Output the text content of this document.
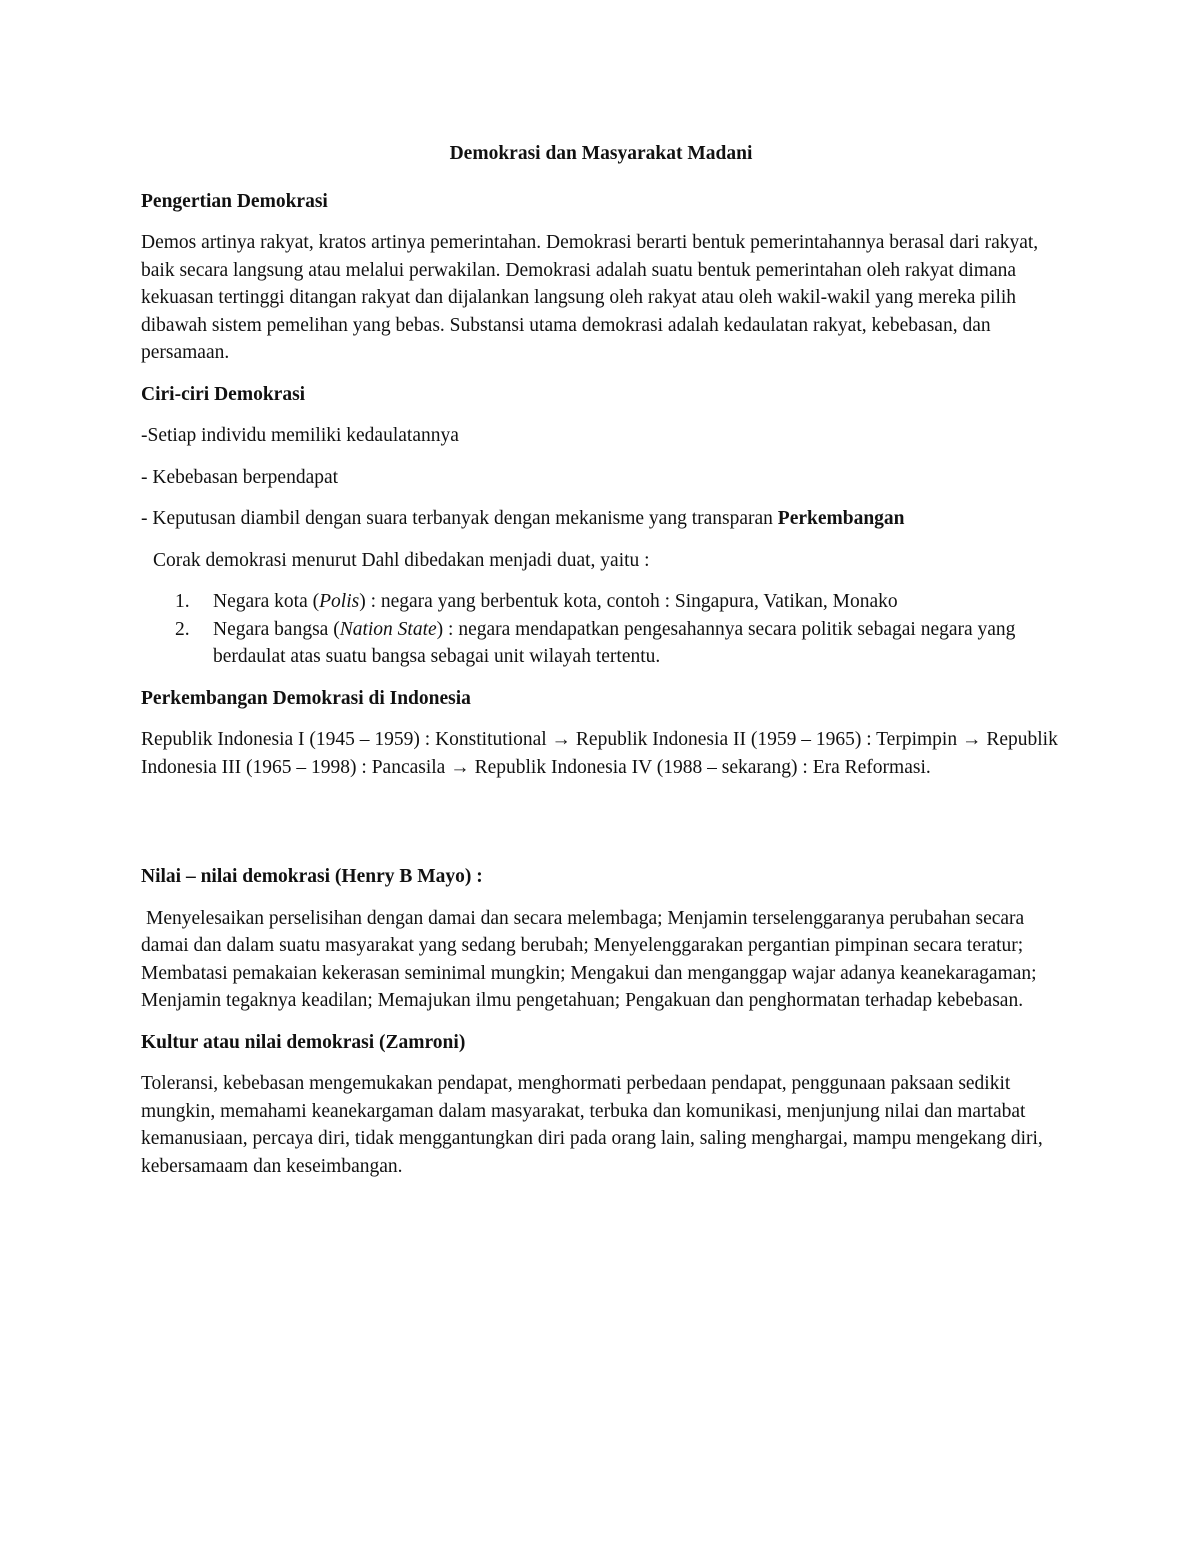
Demokrasi dan Masyarakat Madani

Pengertian Demokrasi

Demos artinya rakyat, kratos artinya pemerintahan. Demokrasi berarti bentuk pemerintahannya berasal dari rakyat, baik secara langsung atau melalui perwakilan. Demokrasi adalah suatu bentuk pemerintahan oleh rakyat dimana kekuasan tertinggi ditangan rakyat dan dijalankan langsung oleh rakyat atau oleh wakil-wakil yang mereka pilih dibawah sistem pemelihan yang bebas. Substansi utama demokrasi adalah kedaulatan rakyat, kebebasan, dan persamaan.

Ciri-ciri Demokrasi

-Setiap individu memiliki kedaulatannya

- Kebebasan berpendapat

- Keputusan diambil dengan suara terbanyak dengan mekanisme yang transparan Perkembangan

Corak demokrasi menurut Dahl dibedakan menjadi duat, yaitu :

1. Negara kota (Polis) : negara yang berbentuk kota, contoh : Singapura, Vatikan, Monako
2. Negara bangsa (Nation State) : negara mendapatkan pengesahannya secara politik sebagai negara yang berdaulat atas suatu bangsa sebagai unit wilayah tertentu.

Perkembangan Demokrasi di Indonesia

Republik Indonesia I (1945 – 1959) : Konstitutional → Republik Indonesia II (1959 – 1965) : Terpimpin → Republik Indonesia III (1965 – 1998) : Pancasila → Republik Indonesia IV (1988 – sekarang) : Era Reformasi.

Nilai – nilai demokrasi (Henry B Mayo) :

Menyelesaikan perselisihan dengan damai dan secara melembaga; Menjamin terselenggaranya perubahan secara damai dan dalam suatu masyarakat yang sedang berubah; Menyelenggarakan pergantian pimpinan secara teratur; Membatasi pemakaian kekerasan seminimal mungkin; Mengakui dan menganggap wajar adanya keanekaragaman; Menjamin tegaknya keadilan; Memajukan ilmu pengetahuan; Pengakuan dan penghormatan terhadap kebebasan.

Kultur atau nilai demokrasi (Zamroni)

Toleransi, kebebasan mengemukakan pendapat, menghormati perbedaan pendapat, penggunaan paksaan sedikit mungkin, memahami keanekargaman dalam masyarakat, terbuka dan komunikasi, menjunjung nilai dan martabat kemanusiaan, percaya diri, tidak menggantungkan diri pada orang lain, saling menghargai, mampu mengekang diri, kebersamaam dan keseimbangan.
